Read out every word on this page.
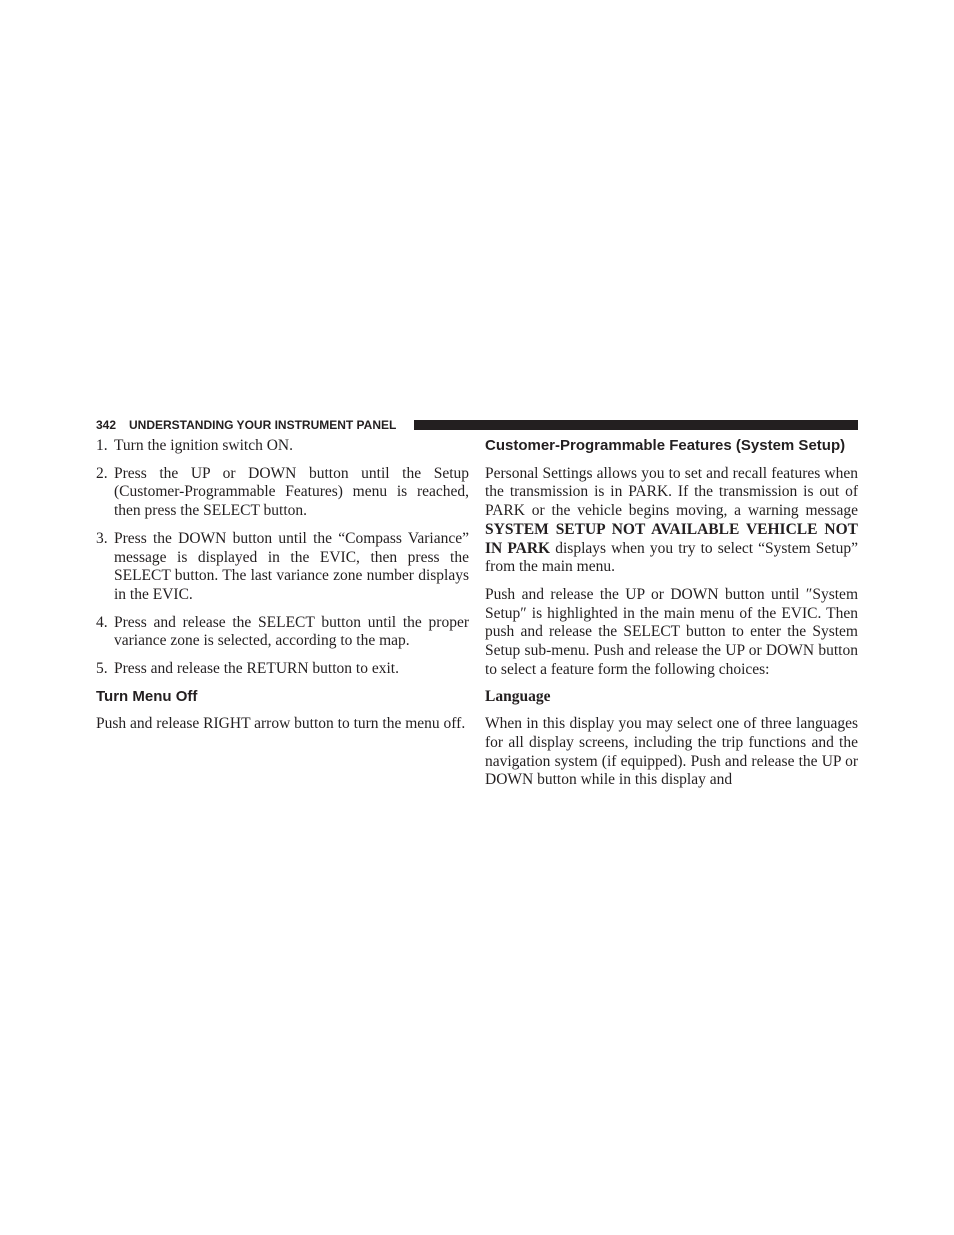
342 UNDERSTANDING YOUR INSTRUMENT PANEL
1. Turn the ignition switch ON.
2. Press the UP or DOWN button until the Setup (Customer-Programmable Features) menu is reached, then press the SELECT button.
3. Press the DOWN button until the “Compass Variance” message is displayed in the EVIC, then press the SELECT button. The last variance zone number displays in the EVIC.
4. Press and release the SELECT button until the proper variance zone is selected, according to the map.
5. Press and release the RETURN button to exit.
Turn Menu Off

Push and release RIGHT arrow button to turn the menu off.

Customer-Programmable Features (System Setup)

Personal Settings allows you to set and recall features when the transmission is in PARK. If the transmission is out of PARK or the vehicle begins moving, a warning message SYSTEM SETUP NOT AVAILABLE VEHICLE NOT IN PARK displays when you try to select “System Setup” from the main menu.

Push and release the UP or DOWN button until ″System Setup″ is highlighted in the main menu of the EVIC. Then push and release the SELECT button to enter the System Setup sub-menu. Push and release the UP or DOWN button to select a feature form the following choices:

Language

When in this display you may select one of three languages for all display screens, including the trip functions and the navigation system (if equipped). Push and release the UP or DOWN button while in this display and
